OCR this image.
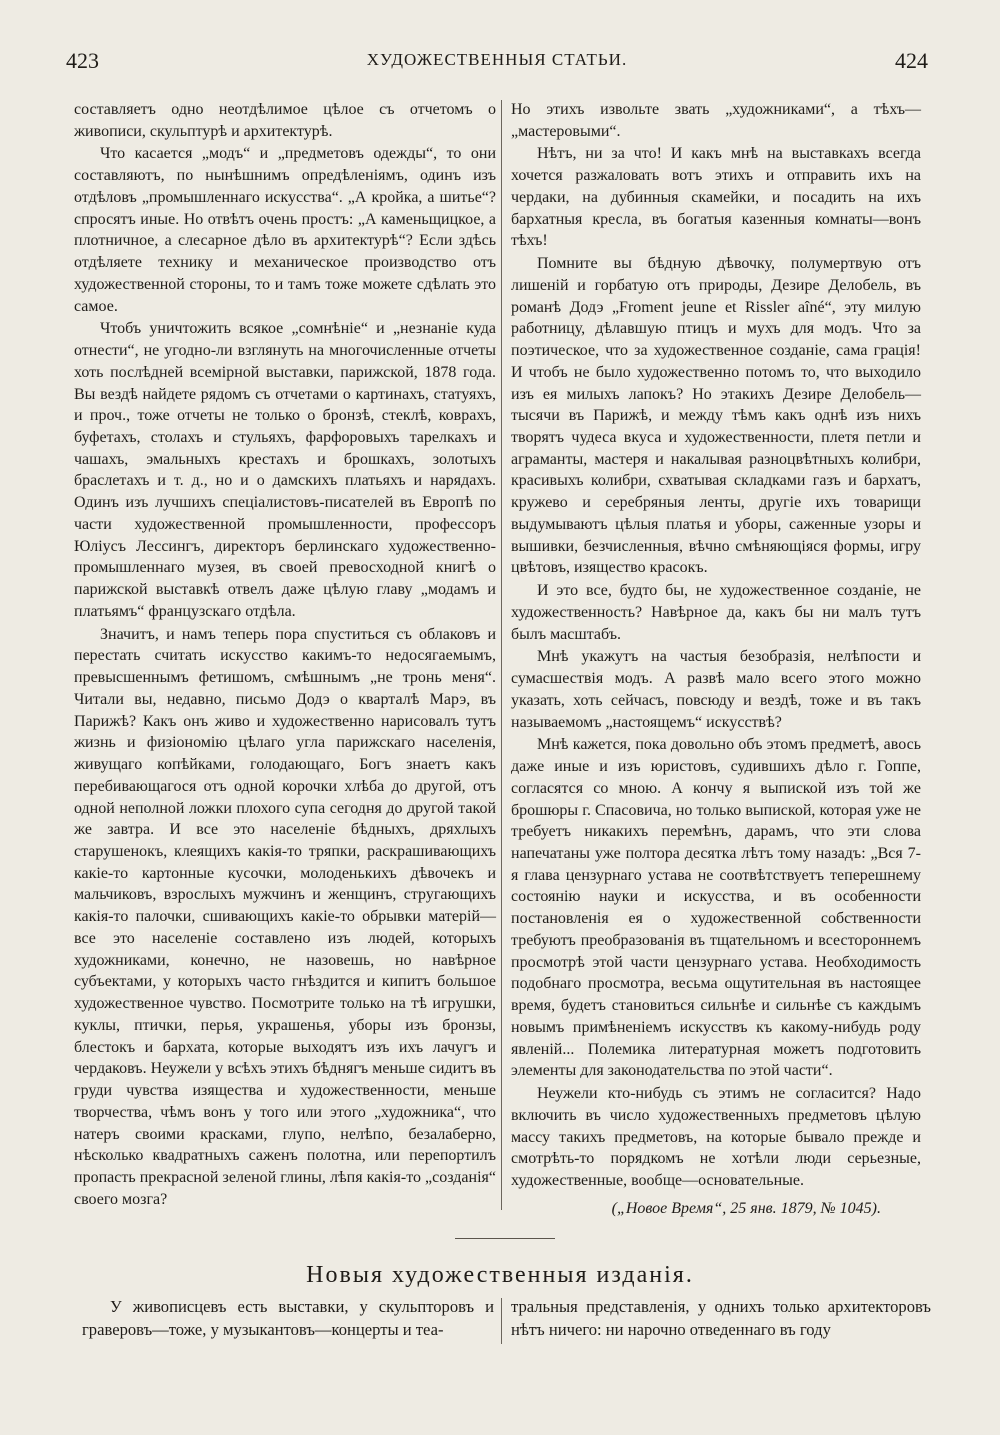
423	ХУДОЖЕСТВЕННЫЯ СТАТЬИ.	424

составляетъ одно неотдѣлимое цѣлое съ отчетомъ о живописи, скульптурѣ и архитектурѣ.

Что касается „модъ“ и „предметовъ одежды“, то они составляютъ, по нынѣшнимъ опредѣленіямъ, одинъ изъ отдѣловъ „промышленнаго искусства“. „А кройка, а шитье“? спросятъ иные. Но отвѣтъ очень простъ: „А каменьщицкое, а плотничное, а слесарное дѣло въ архитектурѣ“? Если здѣсь отдѣляете технику и механическое производство отъ художественной стороны, то и тамъ тоже можете сдѣлать это самое.

Чтобъ уничтожить всякое „сомнѣніе“ и „незнаніе куда отнести“, не угодно-ли взглянуть на многочисленные отчеты хоть послѣдней всемірной выставки, парижской, 1878 года. Вы вездѣ найдете рядомъ съ отчетами о картинахъ, статуяхъ, и проч., тоже отчеты не только о бронзѣ, стеклѣ, коврахъ, буфетахъ, столахъ и стульяхъ, фарфоровыхъ тарелкахъ и чашахъ, эмальныхъ крестахъ и брошкахъ, золотыхъ браслетахъ и т. д., но и о дамскихъ платьяхъ и нарядахъ. Одинъ изъ лучшихъ спеціалистовъ-писателей въ Европѣ по части художественной промышленности, профессоръ Юліусъ Лессингъ, директоръ берлинскаго художественно-промышленнаго музея, въ своей превосходной книгѣ о парижской выставкѣ отвелъ даже цѣлую главу „модамъ и платьямъ“ французскаго отдѣла.

Значитъ, и намъ теперь пора спуститься съ облаковъ и перестать считать искусство какимъ-то недосягаемымъ, превысшеннымъ фетишомъ, смѣшнымъ „не тронь меня“. Читали вы, недавно, письмо Додэ о кварталѣ Марэ, въ Парижѣ? Какъ онъ живо и художественно нарисовалъ тутъ жизнь и физіономію цѣлаго угла парижскаго населенія, живущаго копѣйками, голодающаго, Богъ знаетъ какъ перебивающагося отъ одной корочки хлѣба до другой, отъ одной неполной ложки плохого супа сегодня до другой такой же завтра. И все это населеніе бѣдныхъ, дряхлыхъ старушенокъ, клеящихъ какія-то тряпки, раскрашивающихъ какіе-то картонные кусочки, молоденькихъ дѣвочекъ и мальчиковъ, взрослыхъ мужчинъ и женщинъ, стругающихъ какія-то палочки, сшивающихъ какіе-то обрывки матерій—все это населеніе составлено изъ людей, которыхъ художниками, конечно, не назовешь, но навѣрное субъектами, у которыхъ часто гнѣздится и кипитъ большое художественное чувство. Посмотрите только на тѣ игрушки, куклы, птички, перья, украшенья, уборы изъ бронзы, блестокъ и бархата, которые выходятъ изъ ихъ лачугъ и чердаковъ. Неужели у всѣхъ этихъ бѣднягъ меньше сидитъ въ груди чувства изящества и художественности, меньше творчества, чѣмъ вонъ у того или этого „художника“, что натеръ своими красками, глупо, нелѣпо, безалаберно, нѣсколько квадратныхъ саженъ полотна, или перепортилъ пропасть прекрасной зеленой глины, лѣпя какія-то „созданія“ своего мозга?

Но этихъ извольте звать „художниками“, а тѣхъ—„мастеровыми“.

Нѣтъ, ни за что! И какъ мнѣ на выставкахъ всегда хочется разжаловать вотъ этихъ и отправить ихъ на чердаки, на дубинныя скамейки, и посадить на ихъ бархатныя кресла, въ богатыя казенныя комнаты—вонъ тѣхъ!

Помните вы бѣдную дѣвочку, полумертвую отъ лишеній и горбатую отъ природы, Дезире Делобель, въ романѣ Додэ „Froment jeune et Rissler aîné“, эту милую работницу, дѣлавшую птицъ и мухъ для модъ. Что за поэтическое, что за художественное созданіе, сама грація! И чтобъ не было художественно потомъ то, что выходило изъ ея милыхъ лапокъ? Но этакихъ Дезире Делобель—тысячи въ Парижѣ, и между тѣмъ какъ однѣ изъ нихъ творятъ чудеса вкуса и художественности, плетя петли и аграманты, мастеря и накалывая разноцвѣтныхъ колибри, красивыхъ колибри, схватывая складками газъ и бархатъ, кружево и серебряныя ленты, другіе ихъ товарищи выдумываютъ цѣлыя платья и уборы, саженные узоры и вышивки, безчисленныя, вѣчно смѣняющіяся формы, игру цвѣтовъ, изящество красокъ.

И это все, будто бы, не художественное созданіе, не художественность? Навѣрное да, какъ бы ни малъ тутъ былъ масштабъ.

Мнѣ укажутъ на частыя безобразія, нелѣпости и сумасшествія модъ. А развѣ мало всего этого можно указать, хоть сейчасъ, повсюду и вездѣ, тоже и въ такъ называемомъ „настоящемъ“ искусствѣ?

Мнѣ кажется, пока довольно объ этомъ предметѣ, авось даже иные и изъ юристовъ, судившихъ дѣло г. Гоппе, согласятся со мною. А кончу я выпиской изъ той же брошюры г. Спасовича, но только выпиской, которая уже не требуетъ никакихъ перемѣнъ, дарамъ, что эти слова напечатаны уже полтора десятка лѣтъ тому назадъ: „Вся 7-я глава цензурнаго устава не соотвѣтствуетъ теперешнему состоянію науки и искусства, и въ особенности постановленія ея о художественной собственности требуютъ преобразованія въ тщательномъ и всестороннемъ просмотрѣ этой части цензурнаго устава. Необходимость подобнаго просмотра, весьма ощутительная въ настоящее время, будетъ становиться сильнѣе и сильнѣе съ каждымъ новымъ примѣненіемъ искусствъ къ какому-нибудь роду явленій... Полемика литературная можетъ подготовить элементы для законодательства по этой части“.

Неужели кто-нибудь съ этимъ не согласится? Надо включить въ число художественныхъ предметовъ цѣлую массу такихъ предметовъ, на которые бывало прежде и смотрѣть-то порядкомъ не хотѣли люди серьезные, художественные, вообще—основательные.

(„Новое Время“, 25 янв. 1879, № 1045).

Новыя художественныя изданія.

У живописцевъ есть выставки, у скульпторовъ и граверовъ—тоже, у музыкантовъ—концерты и теа-

тральныя представленія, у однихъ только архитекторовъ нѣтъ ничего: ни нарочно отведеннаго въ году
